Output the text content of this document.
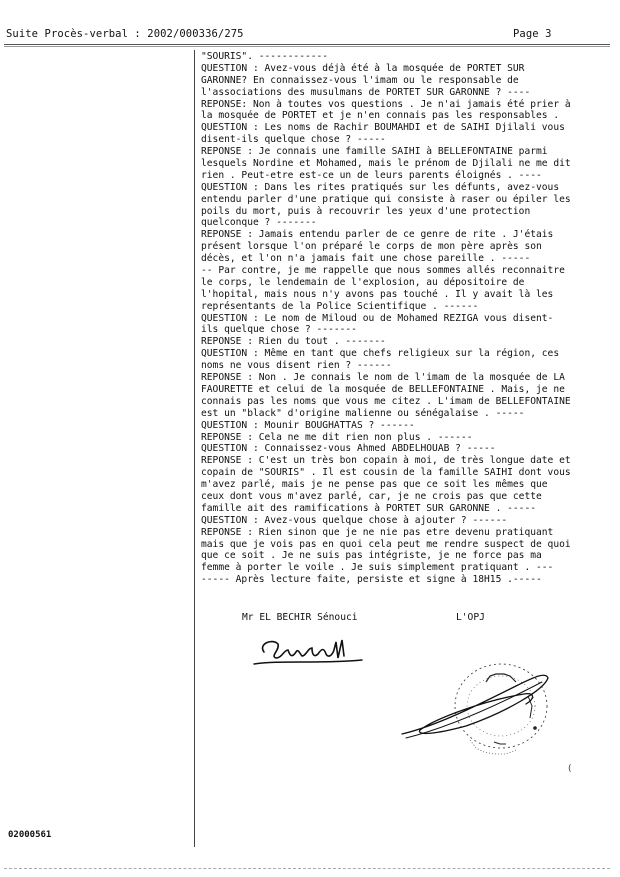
Suite Procès-verbal : 2002/000336/275	Page 3
"SOURIS". ------------
QUESTION : Avez-vous déjà été à la mosquée de PORTET SUR
GARONNE? En connaissez-vous l'imam ou le responsable de
l'associations des musulmans de PORTET SUR GARONNE ? ----
REPONSE: Non à toutes vos questions . Je n'ai jamais été prier à
la mosquée de PORTET et je n'en connais pas les responsables .
QUESTION : Les noms de Rachir BOUMAHDI et de SAIHI Djilali vous
disent-ils quelque chose ? -----
REPONSE : Je connais une famille SAIHI à BELLEFONTAINE parmi
lesquels Nordine et Mohamed, mais le prénom de Djilali ne me dit
rien . Peut-etre est-ce un de leurs parents éloignés . ----
QUESTION : Dans les rites pratiqués sur les défunts, avez-vous
entendu parler d'une pratique qui consiste à raser ou épiler les
poils du mort, puis à recouvrir les yeux d'une protection
quelconque ? -------
REPONSE : Jamais entendu parler de ce genre de rite . J'étais
présent lorsque l'on préparé le corps de mon père après son
décès, et l'on n'a jamais fait une chose pareille . -----
-- Par contre, je me rappelle que nous sommes allés reconnaitre
le corps, le lendemain de l'explosion, au dépositoire de
l'hopital, mais nous n'y avons pas touché . Il y avait là les
représentants de la Police Scientifique . ------
QUESTION : Le nom de Miloud ou de Mohamed REZIGA vous disent-
ils quelque chose ? -------
REPONSE : Rien du tout . -------
QUESTION : Même en tant que chefs religieux sur la région, ces
noms ne vous disent rien ? ------
REPONSE : Non . Je connais le nom de l'imam de la mosquée de LA
FAOURETTE et celui de la mosquée de BELLEFONTAINE . Mais, je ne
connais pas les noms que vous me citez . L'imam de BELLEFONTAINE
est un "black" d'origine malienne ou sénégalaise . -----
QUESTION : Mounir BOUGHATTAS ? ------
REPONSE : Cela ne me dit rien non plus . ------
QUESTION : Connaissez-vous Ahmed ABDELHOUAB ? -----
REPONSE : C'est un très bon copain à moi, de très longue date et
copain de "SOURIS" . Il est cousin de la famille SAIHI dont vous
m'avez parlé, mais je ne pense pas que ce soit les mêmes que
ceux dont vous m'avez parlé, car, je ne crois pas que cette
famille ait des ramifications à PORTET SUR GARONNE . -----
QUESTION : Avez-vous quelque chose à ajouter ? ------
REPONSE : Rien sinon que je ne nie pas etre devenu pratiquant
mais que je vois pas en quoi cela peut me rendre suspect de quoi
que ce soit . Je ne suis pas intégriste, je ne force pas ma
femme à porter le voile . Je suis simplement pratiquant . ---
----- Après lecture faite, persiste et signe à 18H15 .-----
Mr EL BECHIR Sénouci	L'OPJ
(
02000561
